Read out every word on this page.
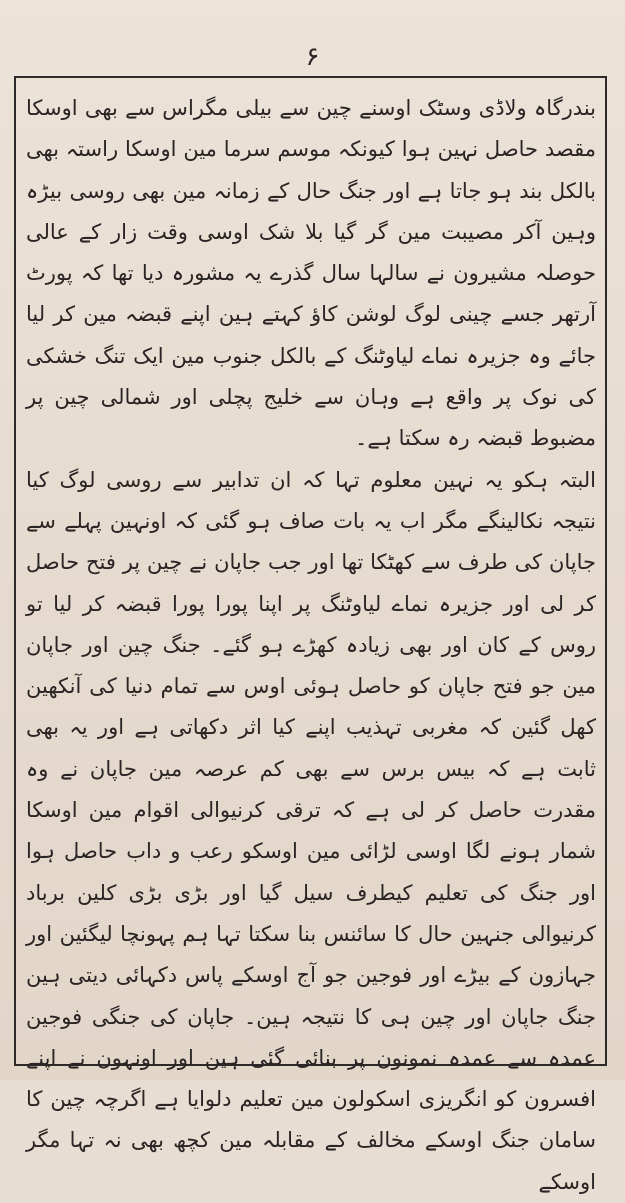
۶

بندرگاہ ولاڈی وسٹک اوسنے چین سے بیلی مگراس سے بھی اوسکا مقصد حاصل نہین ہوا کیونکہ موسم سرما مین اوسکا راستہ بھی بالکل بند ہو جاتا ہے اور جنگ حال کے زمانہ مین بھی روسی بیڑہ وہین آکر مصیبت مین گر گیا بلا شک اوسی وقت زار کے عالی حوصلہ مشیرون نے سالہا سال گذرے یہ مشورہ دیا تھا کہ پورٹ آرتھر جسے چینی لوگ لوشن کاؤ کہتے ہین اپنے قبضہ مین کر لیا جائے وہ جزیرہ نماے لیاوٹنگ کے بالکل جنوب مین ایک تنگ خشکی کی نوک پر واقع ہے وہان سے خلیج پچلی اور شمالی چین پر مضبوط قبضہ رہ سکتا ہے۔

البتہ ہکو یہ نہین معلوم تہا کہ ان تدابیر سے روسی لوگ کیا نتیجہ نکالینگے مگر اب یہ بات صاف ہو گئی کہ اونہین پہلے سے جاپان کی طرف سے کھٹکا تھا اور جب جاپان نے چین پر فتح حاصل کر لی اور جزیرہ نماے لیاوٹنگ پر اپنا پورا پورا قبضہ کر لیا تو روس کے کان اور بھی زیادہ کھڑے ہو گئے۔ جنگ چین اور جاپان مین جو فتح جاپان کو حاصل ہوئی اوس سے تمام دنیا کی آنکھین کھل گئین کہ مغربی تہذیب اپنے کیا اثر دکھاتی ہے اور یہ بھی ثابت ہے کہ بیس برس سے بھی کم عرصہ مین جاپان نے وہ مقدرت حاصل کر لی ہے کہ ترقی کرنیوالی اقوام مین اوسکا شمار ہونے لگا اوسی لڑائی مین اوسکو رعب و داب حاصل ہوا اور جنگ کی تعلیم کیطرف سیل گیا اور بڑی بڑی کلین برباد کرنیوالی جنہین حال کا سائنس بنا سکتا تہا ہم پہونچا لیگئین اور جہازون کے بیڑے اور فوجین جو آج اوسکے پاس دکہائی دیتی ہین جنگ جاپان اور چین ہی کا نتیجہ ہین۔ جاپان کی جنگی فوجین عمدہ سے عمدہ نمونون پر بنائی گئی ہین اور اونہون نے اپنے افسرون کو انگریزی اسکولون مین تعلیم دلوایا ہے اگرچہ چین کا سامان جنگ اوسکے مخالف کے مقابلہ مین کچھ بھی نہ تہا مگر اوسکے
